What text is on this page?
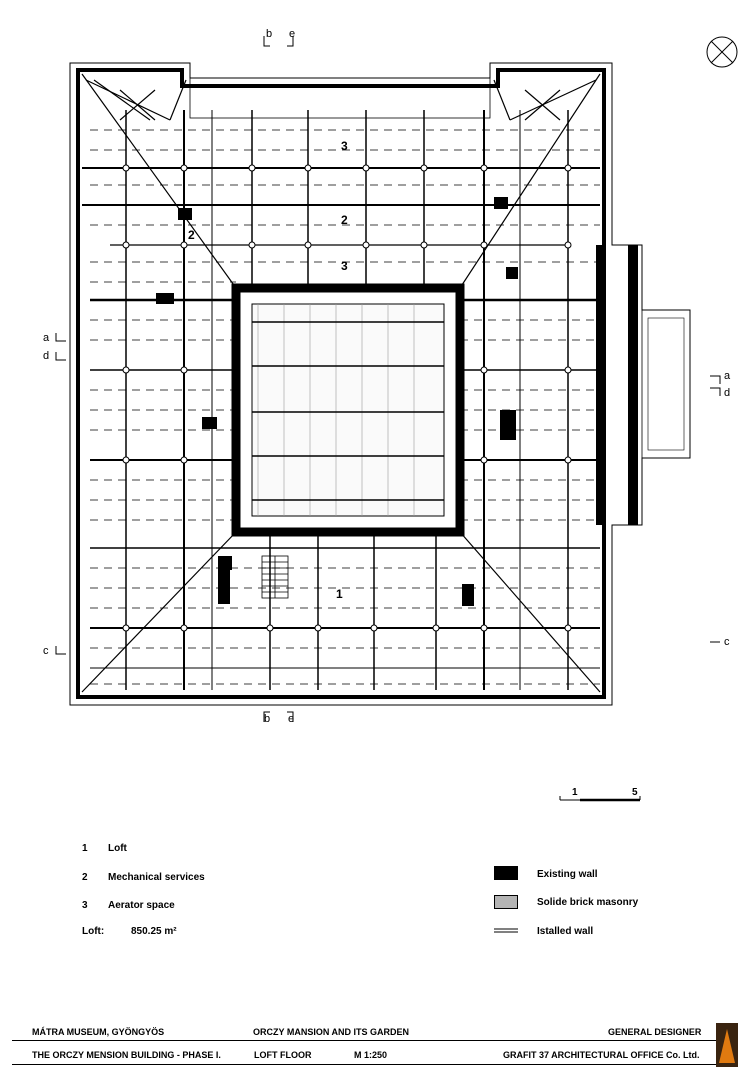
3
2
2
3
1
b e
b e
a
d
c
a
d
c
1	5
1 Loft
2 Mechanical services
3 Aerator space
Loft:	850.25 m²
Existing wall
Solide brick masonry
Istalled wall
MÁTRA MUSEUM, GYÖNGYÖS	ORCZY MANSION AND ITS GARDEN	GENERAL DESIGNER
THE ORCZY MENSION BUILDING - PHASE I.	LOFT FLOOR	M 1:250	GRAFIT 37 ARCHITECTURAL OFFICE Co. Ltd.
